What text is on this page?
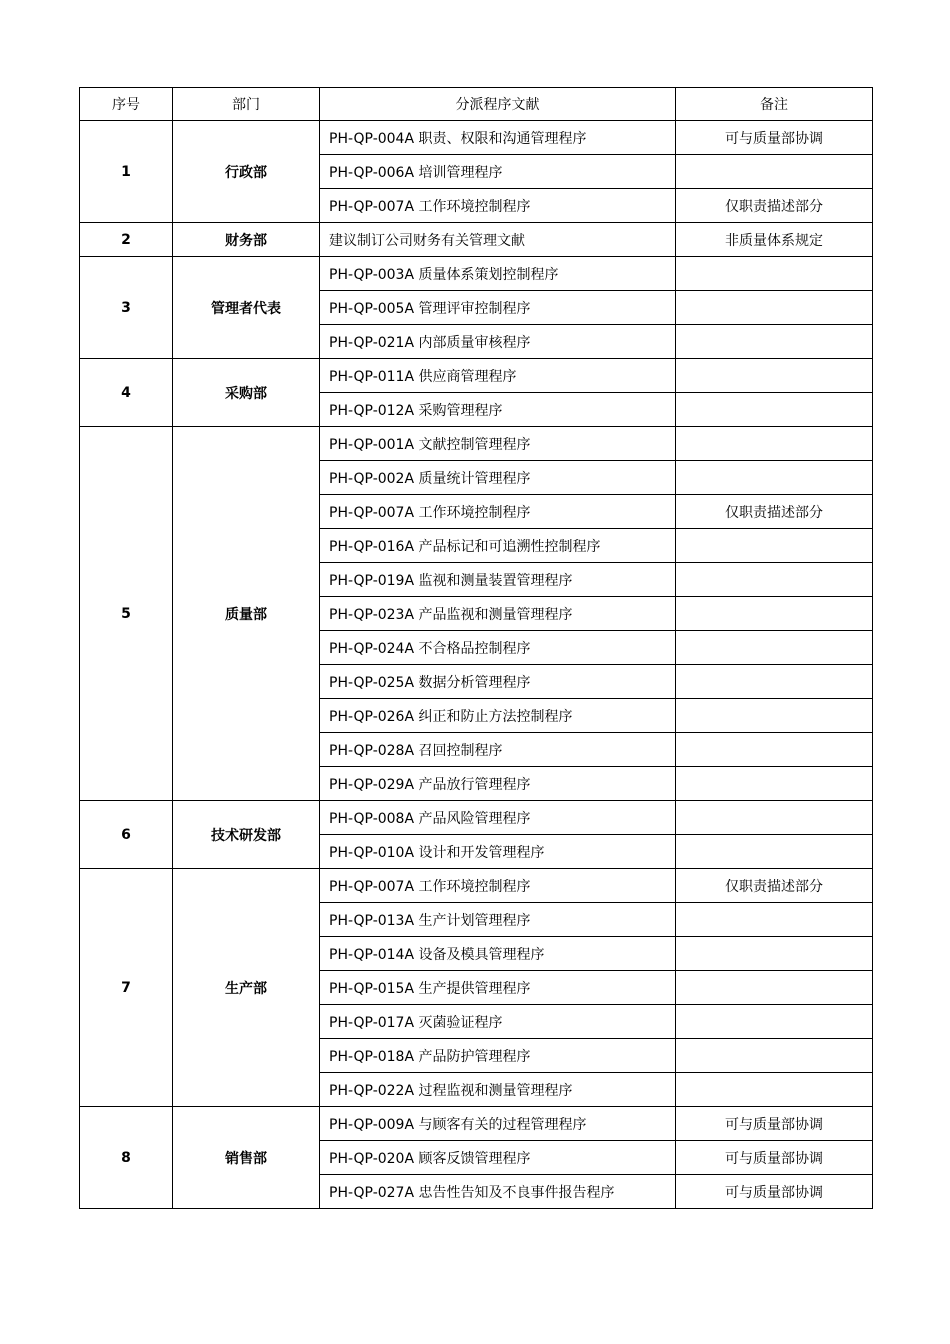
序号	部门	分派程序文献	备注
1	行政部	PH-QP-004A 职责、权限和沟通管理程序	可与质量部协调
		PH-QP-006A 培训管理程序	
		PH-QP-007A 工作环境控制程序	仅职责描述部分
2	财务部	建议制订公司财务有关管理文献	非质量体系规定
3	管理者代表	PH-QP-003A 质量体系策划控制程序	
		PH-QP-005A 管理评审控制程序	
		PH-QP-021A 内部质量审核程序	
4	采购部	PH-QP-011A 供应商管理程序	
		PH-QP-012A 采购管理程序	
5	质量部	PH-QP-001A 文献控制管理程序	
		PH-QP-002A 质量统计管理程序	
		PH-QP-007A 工作环境控制程序	仅职责描述部分
		PH-QP-016A 产品标记和可追溯性控制程序	
		PH-QP-019A 监视和测量装置管理程序	
		PH-QP-023A 产品监视和测量管理程序	
		PH-QP-024A 不合格品控制程序	
		PH-QP-025A 数据分析管理程序	
		PH-QP-026A 纠正和防止方法控制程序	
		PH-QP-028A 召回控制程序	
		PH-QP-029A 产品放行管理程序	
6	技术研发部	PH-QP-008A 产品风险管理程序	
		PH-QP-010A 设计和开发管理程序	
7	生产部	PH-QP-007A 工作环境控制程序	仅职责描述部分
		PH-QP-013A 生产计划管理程序	
		PH-QP-014A 设备及模具管理程序	
		PH-QP-015A 生产提供管理程序	
		PH-QP-017A 灭菌验证程序	
		PH-QP-018A 产品防护管理程序	
		PH-QP-022A 过程监视和测量管理程序	
8	销售部	PH-QP-009A 与顾客有关的过程管理程序	可与质量部协调
		PH-QP-020A 顾客反馈管理程序	可与质量部协调
		PH-QP-027A 忠告性告知及不良事件报告程序	可与质量部协调
